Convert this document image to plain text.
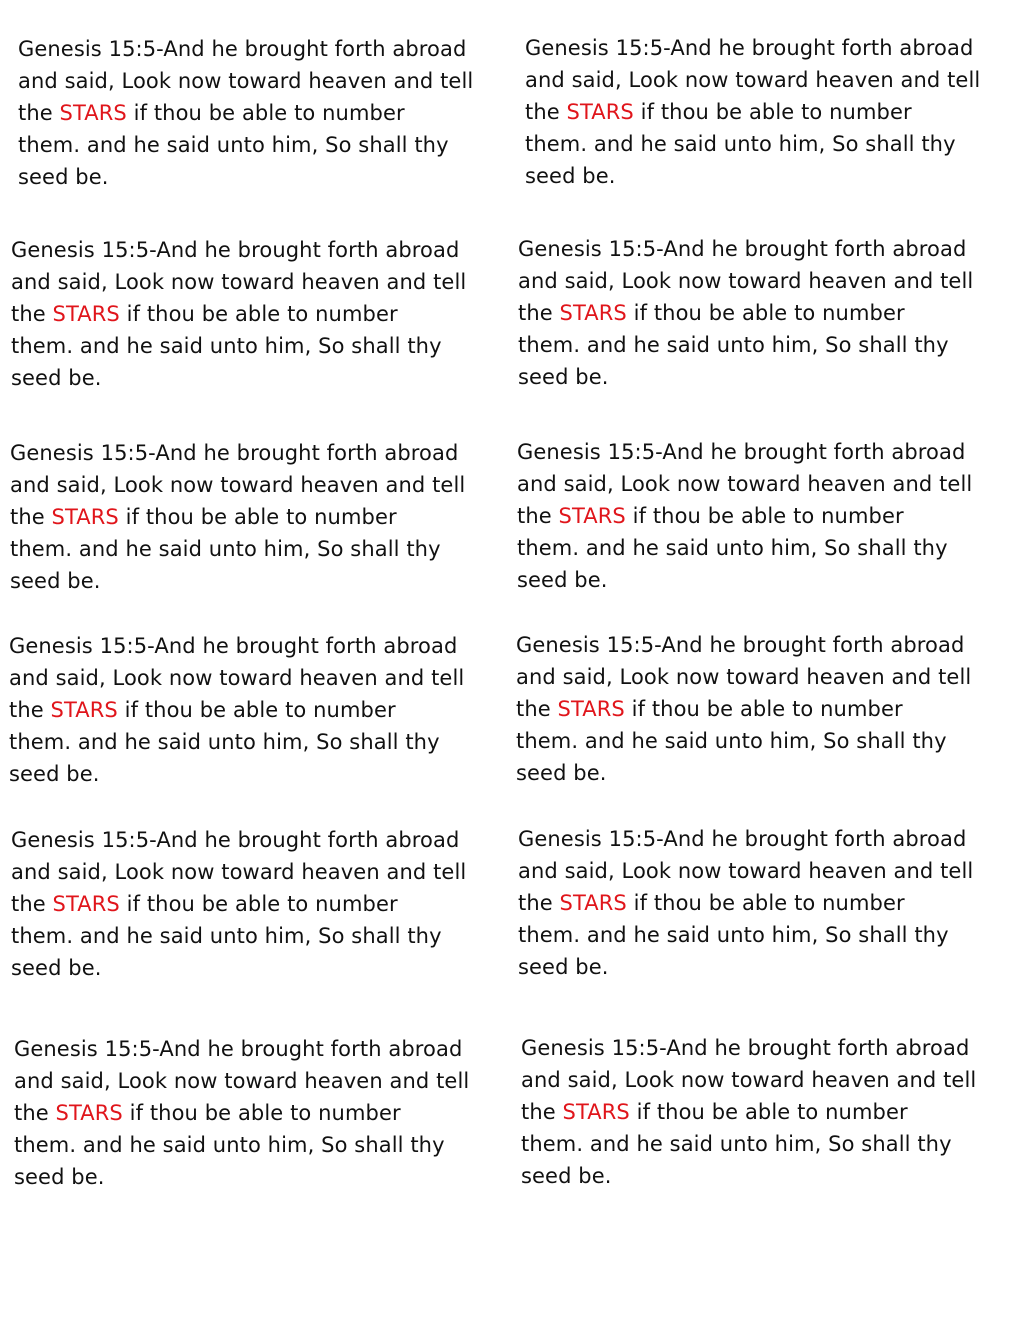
Genesis 15:5-And he brought forth abroad
and said, Look now toward heaven and tell
the STARS if thou be able to number
them. and he said unto him, So shall thy
seed be.
Genesis 15:5-And he brought forth abroad
and said, Look now toward heaven and tell
the STARS if thou be able to number
them. and he said unto him, So shall thy
seed be.
Genesis 15:5-And he brought forth abroad
and said, Look now toward heaven and tell
the STARS if thou be able to number
them. and he said unto him, So shall thy
seed be.
Genesis 15:5-And he brought forth abroad
and said, Look now toward heaven and tell
the STARS if thou be able to number
them. and he said unto him, So shall thy
seed be.
Genesis 15:5-And he brought forth abroad
and said, Look now toward heaven and tell
the STARS if thou be able to number
them. and he said unto him, So shall thy
seed be.
Genesis 15:5-And he brought forth abroad
and said, Look now toward heaven and tell
the STARS if thou be able to number
them. and he said unto him, So shall thy
seed be.
Genesis 15:5-And he brought forth abroad
and said, Look now toward heaven and tell
the STARS if thou be able to number
them. and he said unto him, So shall thy
seed be.
Genesis 15:5-And he brought forth abroad
and said, Look now toward heaven and tell
the STARS if thou be able to number
them. and he said unto him, So shall thy
seed be.
Genesis 15:5-And he brought forth abroad
and said, Look now toward heaven and tell
the STARS if thou be able to number
them. and he said unto him, So shall thy
seed be.
Genesis 15:5-And he brought forth abroad
and said, Look now toward heaven and tell
the STARS if thou be able to number
them. and he said unto him, So shall thy
seed be.
Genesis 15:5-And he brought forth abroad
and said, Look now toward heaven and tell
the STARS if thou be able to number
them. and he said unto him, So shall thy
seed be.
Genesis 15:5-And he brought forth abroad
and said, Look now toward heaven and tell
the STARS if thou be able to number
them. and he said unto him, So shall thy
seed be.
